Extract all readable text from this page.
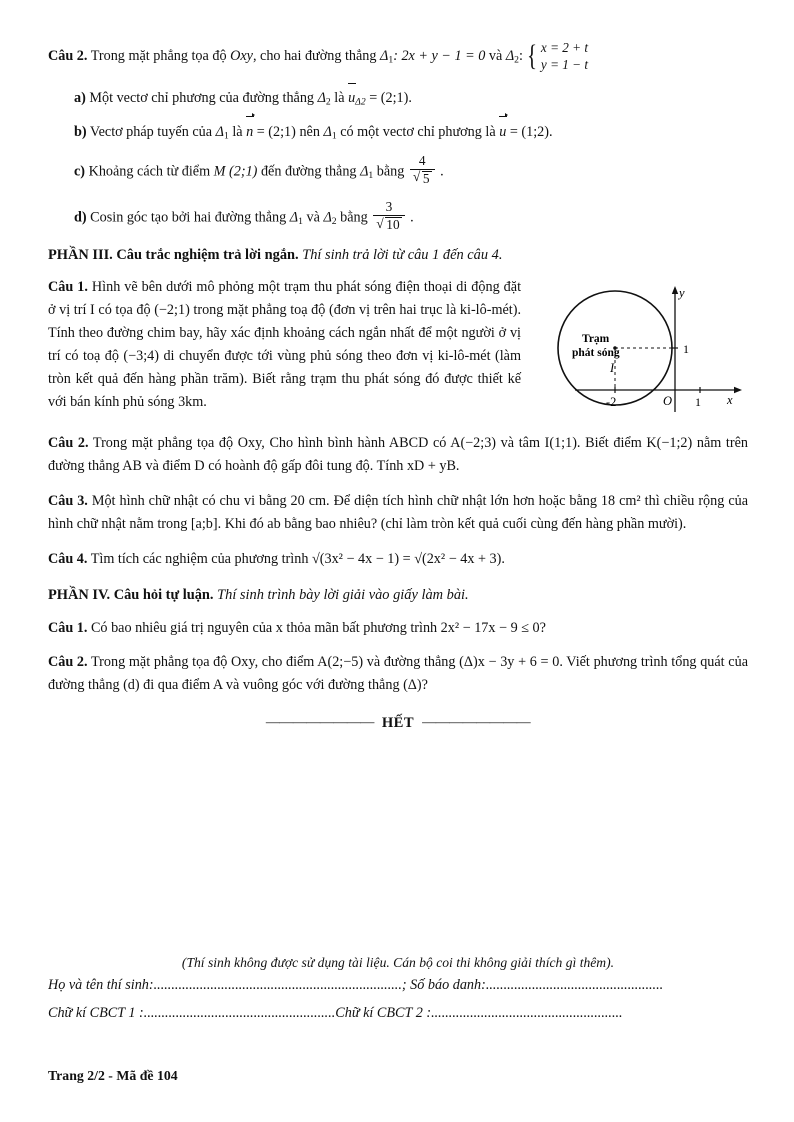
Câu 2. Trong mặt phẳng tọa độ Oxy, cho hai đường thẳng Δ1: 2x + y − 1 = 0 và Δ2: { x = 2 + t
y = 1 − t
a) Một vectơ chỉ phương của đường thẳng Δ2 là $u_{\Delta 2}$ = (2;1).
b) Vectơ pháp tuyến của Δ1 là n = (2;1) nên Δ1 có một vectơ chỉ phương là u = (1;2).
c) Khoảng cách từ điểm M (2;1) đến đường thẳng Δ1 bằng 4
√ 5 .
d) Cosin góc tạo bởi hai đường thẳng Δ1 và Δ2 bằng 3
√ 10 .
PHẦN III. Câu trắc nghiệm trả lời ngắn. Thí sinh trả lời từ câu 1 đến câu 4.
Trạm
phát sóng
I
1
-2	1
O	x
y
Câu 1. Hình vẽ bên dưới mô phỏng một trạm thu phát sóng điện thoại di động đặt ở vị trí I có tọa độ (−2;1) trong mặt phẳng toạ độ (đơn vị trên hai trục là ki-lô-mét). Tính theo đường chim bay, hãy xác định khoảng cách ngắn nhất để một người ở vị trí có toạ độ (−3;4) di chuyển được tới vùng phủ sóng theo đơn vị ki-lô-mét (làm tròn kết quả đến hàng phần trăm). Biết rằng trạm thu phát sóng đó được thiết kế với bán kính phủ sóng 3km.
Câu 2. Trong mặt phẳng tọa độ Oxy, Cho hình bình hành ABCD có A(−2;3) và tâm I(1;1). Biết điểm K(−1;2) nằm trên đường thẳng AB và điểm D có hoành độ gấp đôi tung độ. Tính xD + yB.
Câu 3. Một hình chữ nhật có chu vi bằng 20 cm. Để diện tích hình chữ nhật lớn hơn hoặc bằng 18 cm² thì chiều rộng của hình chữ nhật nằm trong [a;b]. Khi đó ab bằng bao nhiêu? (chỉ làm tròn kết quả cuối cùng đến hàng phần mười).
Câu 4. Tìm tích các nghiệm của phương trình √(3x² − 4x − 1) = √(2x² − 4x + 3).
PHẦN IV. Câu hỏi tự luận. Thí sinh trình bày lời giải vào giấy làm bài.
Câu 1. Có bao nhiêu giá trị nguyên của x thỏa mãn bất phương trình 2x² − 17x − 9 ≤ 0?
Câu 2. Trong mặt phẳng tọa độ Oxy, cho điểm A(2;−5) và đường thẳng (Δ)x − 3y + 6 = 0. Viết phương trình tổng quát của đường thẳng (d) đi qua điểm A và vuông góc với đường thẳng (Δ)?
———————— HẾT ————————
(Thí sinh không được sử dụng tài liệu. Cán bộ coi thi không giải thích gì thêm).
Họ và tên thí sinh:......................................................................; Số báo danh:..................................................
Chữ kí CBCT 1 :......................................................Chữ kí CBCT 2 :......................................................
Trang 2/2 - Mã đề 104
